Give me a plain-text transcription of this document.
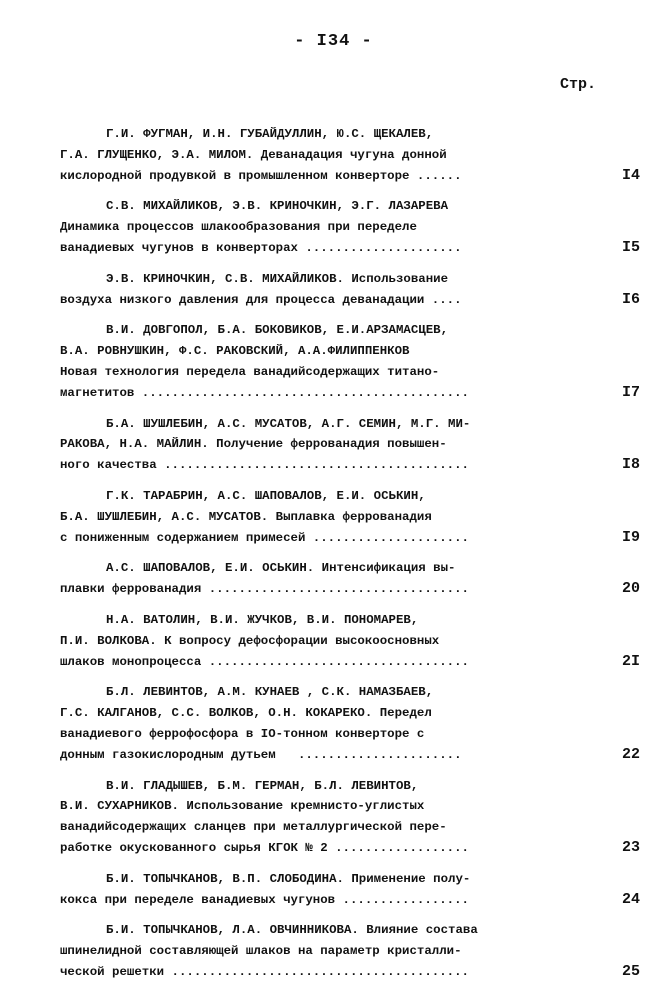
- I34 -
Стр.
Г.И. ФУГМАН, И.Н. ГУБАЙДУЛЛИН, Ю.С. ЩЕКАЛЕВ,
Г.А. ГЛУЩЕНКО, Э.А. МИЛОМ. Деванадация чугуна донной
кислородной продувкой в промышленном конверторе ......	I4
С.В. МИХАЙЛИКОВ, Э.В. КРИНОЧКИН, Э.Г. ЛАЗАРЕВА
Динамика процессов шлакообразования при переделе
ванадиевых чугунов в конверторах .....................	I5
Э.В. КРИНОЧКИН, С.В. МИХАЙЛИКОВ. Использование
воздуха низкого давления для процесса деванадации ....	I6
В.И. ДОВГОПОЛ, Б.А. БОКОВИКОВ, Е.И.АРЗАМАСЦЕВ,
В.А. РОВНУШКИН, Ф.С. РАКОВСКИЙ, А.А.ФИЛИППЕНКОВ
Новая технология передела ванадийсодержащих титано-
магнетитов ............................................	I7
Б.А. ШУШЛЕБИН, А.С. МУСАТОВ, А.Г. СЕМИН, М.Г. МИ-
РАКОВА, Н.А. МАЙЛИН. Получение феррованадия повышен-
ного качества .........................................	I8
Г.К. ТАРАБРИН, А.С. ШАПОВАЛОВ, Е.И. ОСЬКИН,
Б.А. ШУШЛЕБИН, А.С. МУСАТОВ. Выплавка феррованадия
с пониженным содержанием примесей .....................	I9
А.С. ШАПОВАЛОВ, Е.И. ОСЬКИН. Интенсификация вы-
плавки феррованадия ...................................	20
Н.А. ВАТОЛИН, В.И. ЖУЧКОВ, В.И. ПОНОМАРЕВ,
П.И. ВОЛКОВА. К вопросу дефосфорации высокоосновных
шлаков монопроцесса ...................................	2I
Б.Л. ЛЕВИНТОВ, А.М. КУНАЕВ , С.К. НАМАЗБАЕВ,
Г.С. КАЛГАНОВ, С.С. ВОЛКОВ, О.Н. КОКАРЕКО. Передел
ванадиевого феррофосфора в IO-тонном конверторе с
донным газокислородным дутьем   ......................	22
В.И. ГЛАДЫШЕВ, Б.М. ГЕРМАН, Б.Л. ЛЕВИНТОВ,
В.И. СУХАРНИКОВ. Использование кремнисто-углистых
ванадийсодержащих сланцев при металлургической пере-
работке окускованного сырья КГОК № 2 ..................	23
Б.И. ТОПЫЧКАНОВ, В.П. СЛОБОДИНА. Применение полу-
кокса при переделе ванадиевых чугунов .................	24
Б.И. ТОПЫЧКАНОВ, Л.А. ОВЧИННИКОВА. Влияние состава
шпинелидной составляющей шлаков на параметр кристалли-
ческой решетки ........................................	25
